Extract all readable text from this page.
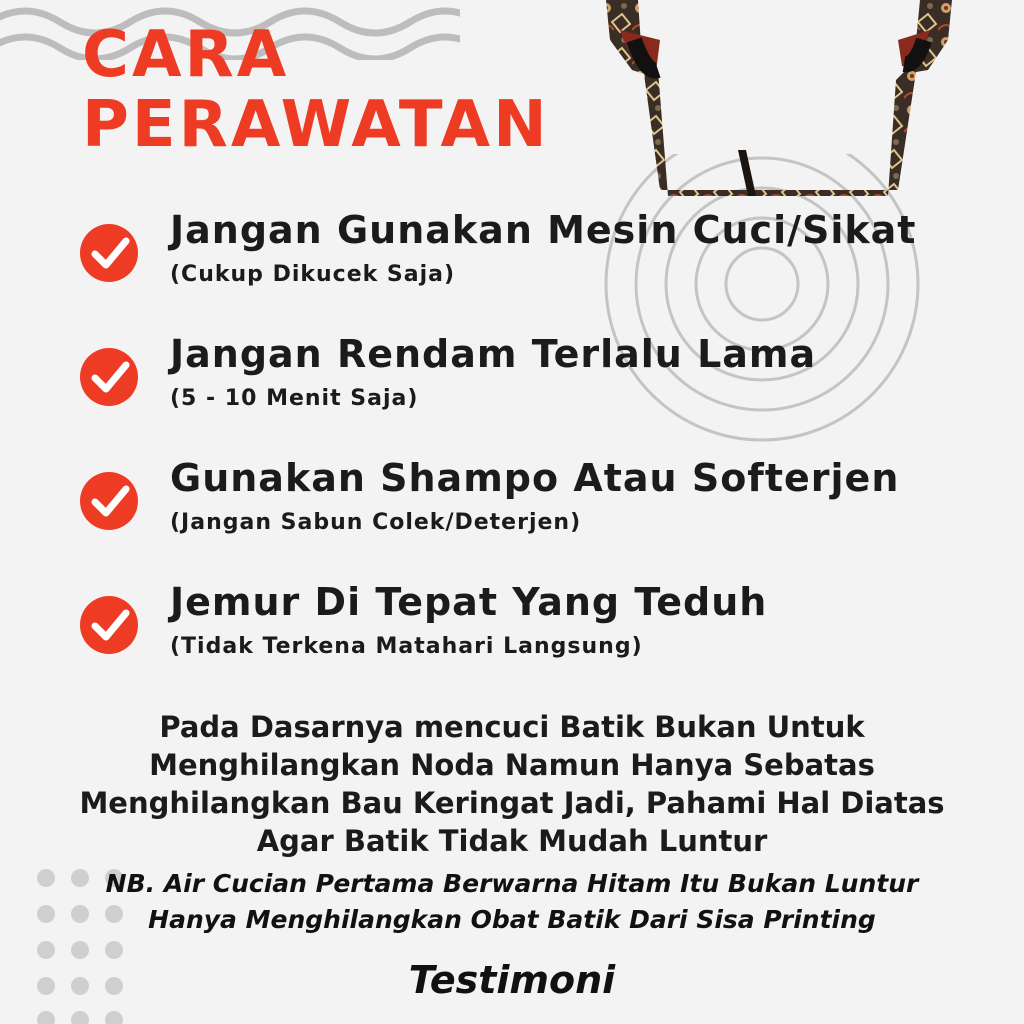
CARA
PERAWATAN

Jangan Gunakan Mesin Cuci/Sikat

(Cukup Dikucek Saja)

Jangan Rendam Terlalu Lama

(5 - 10 Menit Saja)

Gunakan Shampo Atau Softerjen

(Jangan Sabun Colek/Deterjen)

Jemur Di Tepat Yang Teduh

(Tidak Terkena Matahari Langsung)

Pada Dasarnya mencuci Batik Bukan Untuk
Menghilangkan Noda Namun Hanya Sebatas
Menghilangkan Bau Keringat Jadi, Pahami Hal Diatas
Agar Batik Tidak Mudah Luntur

NB. Air Cucian Pertama Berwarna Hitam Itu Bukan Luntur
Hanya Menghilangkan Obat Batik Dari Sisa Printing

Testimoni
